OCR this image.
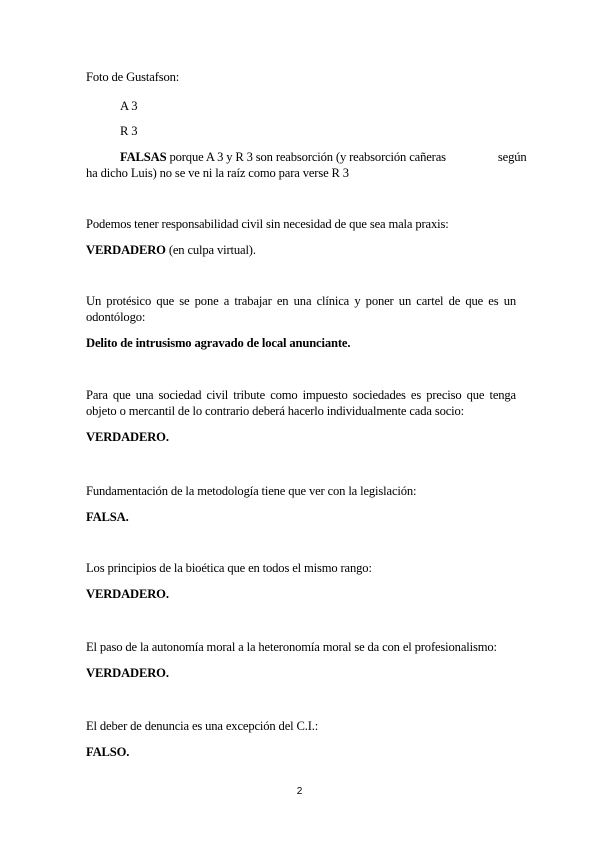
Foto de Gustafson:
A 3
R 3
FALSAS porque A 3 y R 3 son reabsorción (y reabsorción cañeras	según
ha dicho Luis) no se ve ni la raíz como para verse R 3
Podemos tener responsabilidad civil sin necesidad de que sea mala praxis:
VERDADERO (en culpa virtual).
Un protésico que se pone a trabajar en una clínica y poner un cartel de que es un
odontólogo:
Delito de intrusismo agravado de local anunciante.
Para que una sociedad civil tribute como impuesto sociedades es preciso que tenga
objeto o mercantil de lo contrario deberá hacerlo individualmente cada socio:
VERDADERO.
Fundamentación de la metodología tiene que ver con la legislación:
FALSA.
Los principios de la bioética que en todos el mismo rango:
VERDADERO.
El paso de la autonomía moral a la heteronomía moral se da con el profesionalismo:
VERDADERO.
El deber de denuncia es una excepción del C.I.:
FALSO.
2
